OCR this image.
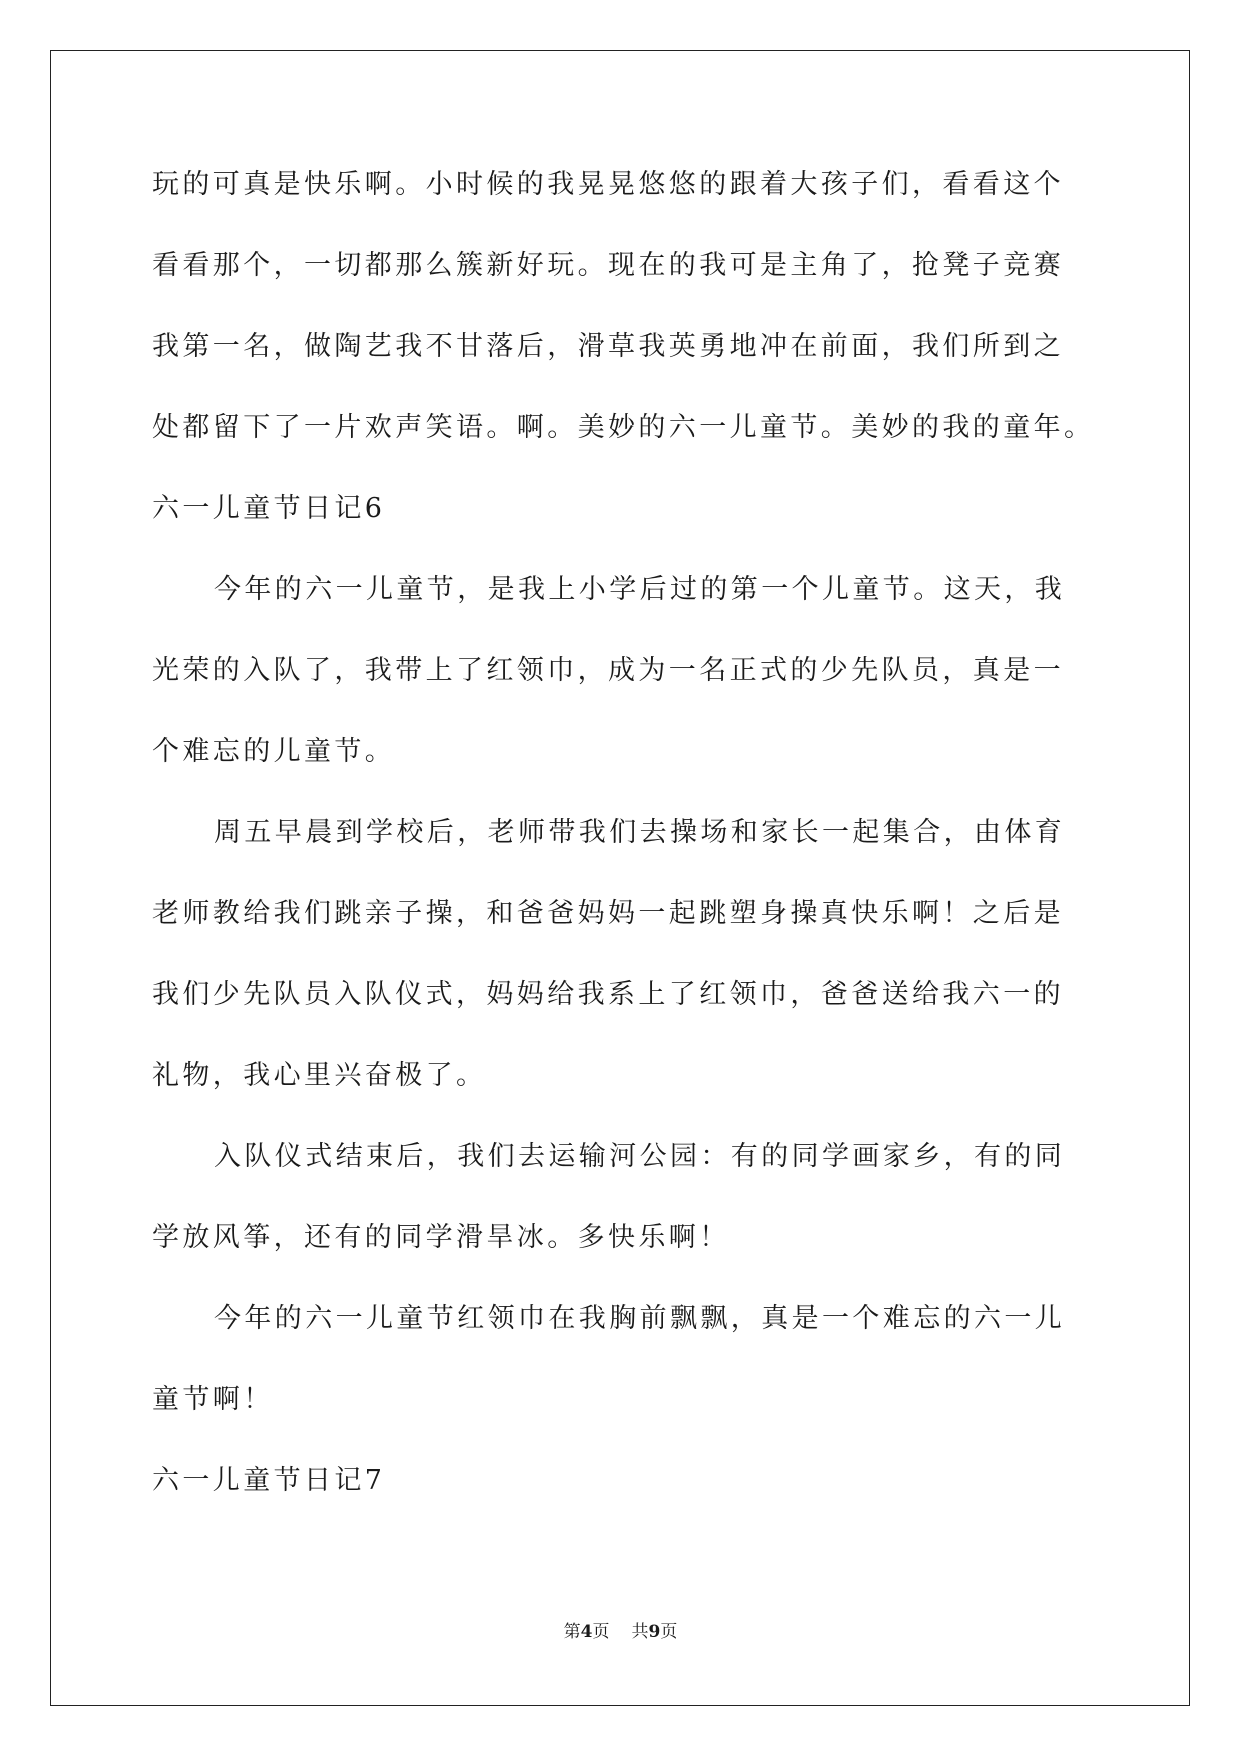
玩的可真是快乐啊。小时候的我晃晃悠悠的跟着大孩子们，看看这个
看看那个，一切都那么簇新好玩。现在的我可是主角了，抢凳子竞赛
我第一名，做陶艺我不甘落后，滑草我英勇地冲在前面，我们所到之
处都留下了一片欢声笑语。啊。美妙的六一儿童节。美妙的我的童年。
六一儿童节日记6
今年的六一儿童节，是我上小学后过的第一个儿童节。这天，我
光荣的入队了，我带上了红领巾，成为一名正式的少先队员，真是一
个难忘的儿童节。
周五早晨到学校后，老师带我们去操场和家长一起集合，由体育
老师教给我们跳亲子操，和爸爸妈妈一起跳塑身操真快乐啊！之后是
我们少先队员入队仪式，妈妈给我系上了红领巾，爸爸送给我六一的
礼物，我心里兴奋极了。
入队仪式结束后，我们去运输河公园：有的同学画家乡，有的同
学放风筝，还有的同学滑旱冰。多快乐啊！
今年的六一儿童节红领巾在我胸前飘飘，真是一个难忘的六一儿
童节啊！
六一儿童节日记7
第4页 共9页
